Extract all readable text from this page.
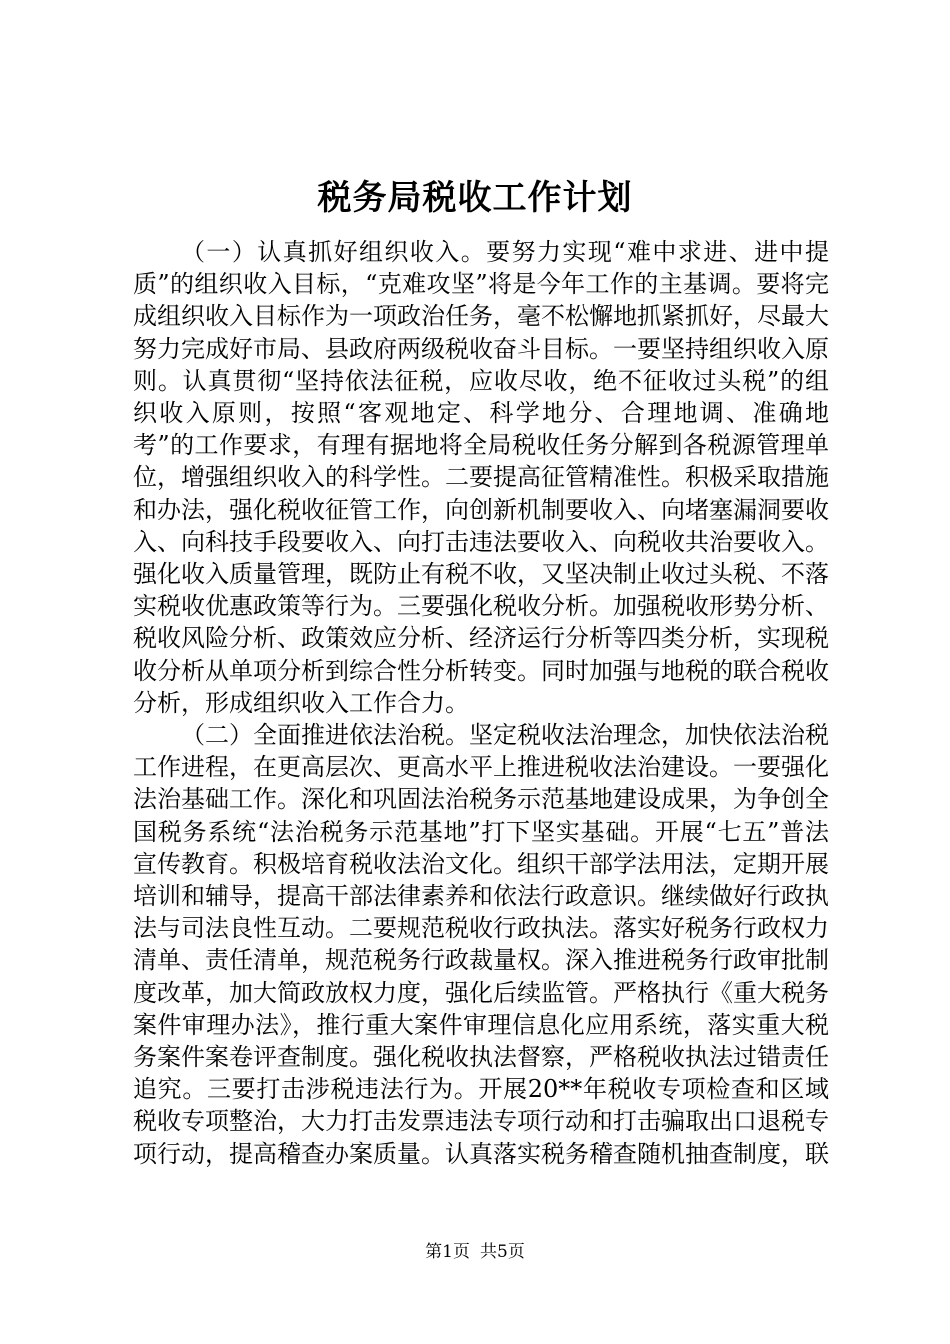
税务局税收工作计划

（一）认真抓好组织收入。要努力实现“难中求进、进中提质”的组织收入目标，“克难攻坚”将是今年工作的主基调。要将完成组织收入目标作为一项政治任务，毫不松懈地抓紧抓好，尽最大努力完成好市局、县政府两级税收奋斗目标。一要坚持组织收入原则。认真贯彻“坚持依法征税，应收尽收，绝不征收过头税”的组织收入原则，按照“客观地定、科学地分、合理地调、准确地考”的工作要求，有理有据地将全局税收任务分解到各税源管理单位，增强组织收入的科学性。二要提高征管精准性。积极采取措施和办法，强化税收征管工作，向创新机制要收入、向堵塞漏洞要收入、向科技手段要收入、向打击违法要收入、向税收共治要收入。强化收入质量管理，既防止有税不收，又坚决制止收过头税、不落实税收优惠政策等行为。三要强化税收分析。加强税收形势分析、税收风险分析、政策效应分析、经济运行分析等四类分析，实现税收分析从单项分析到综合性分析转变。同时加强与地税的联合税收分析，形成组织收入工作合力。

（二）全面推进依法治税。坚定税收法治理念，加快依法治税工作进程，在更高层次、更高水平上推进税收法治建设。一要强化法治基础工作。深化和巩固法治税务示范基地建设成果，为争创全国税务系统“法治税务示范基地”打下坚实基础。开展“七五”普法宣传教育。积极培育税收法治文化。组织干部学法用法，定期开展培训和辅导，提高干部法律素养和依法行政意识。继续做好行政执法与司法良性互动。二要规范税收行政执法。落实好税务行政权力清单、责任清单，规范税务行政裁量权。深入推进税务行政审批制度改革，加大简政放权力度，强化后续监管。严格执行《重大税务案件审理办法》，推行重大案件审理信息化应用系统，落实重大税务案件案卷评查制度。强化税收执法督察，严格税收执法过错责任追究。三要打击涉税违法行为。开展20**年税收专项检查和区域税收专项整治，大力打击发票违法专项行动和打击骗取出口退税专项行动，提高稽查办案质量。认真落实税务稽查随机抽查制度，联

第1页 共5页
